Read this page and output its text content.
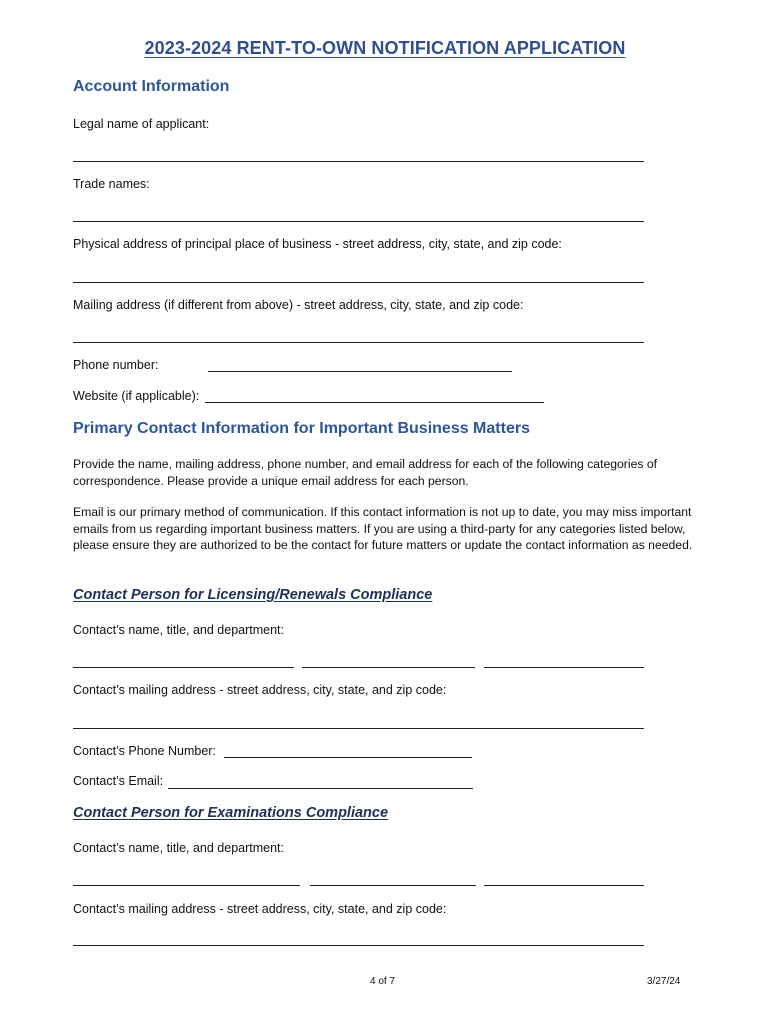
2023-2024 RENT-TO-OWN NOTIFICATION APPLICATION
Account Information
Legal name of applicant:
Trade names:
Physical address of principal place of business - street address, city, state, and zip code:
Mailing address (if different from above) - street address, city, state, and zip code:
Phone number:
Website (if applicable):
Primary Contact Information for Important Business Matters
Provide the name, mailing address, phone number, and email address for each of the following categories of correspondence. Please provide a unique email address for each person.
Email is our primary method of communication. If this contact information is not up to date, you may miss important emails from us regarding important business matters. If you are using a third-party for any categories listed below, please ensure they are authorized to be the contact for future matters or update the contact information as needed.
Contact Person for Licensing/Renewals Compliance
Contact’s name, title, and department:
Contact’s mailing address - street address, city, state, and zip code:
Contact’s Phone Number:
Contact’s Email:
Contact Person for Examinations Compliance
Contact’s name, title, and department:
Contact’s mailing address - street address, city, state, and zip code:
4 of 7	3/27/24
